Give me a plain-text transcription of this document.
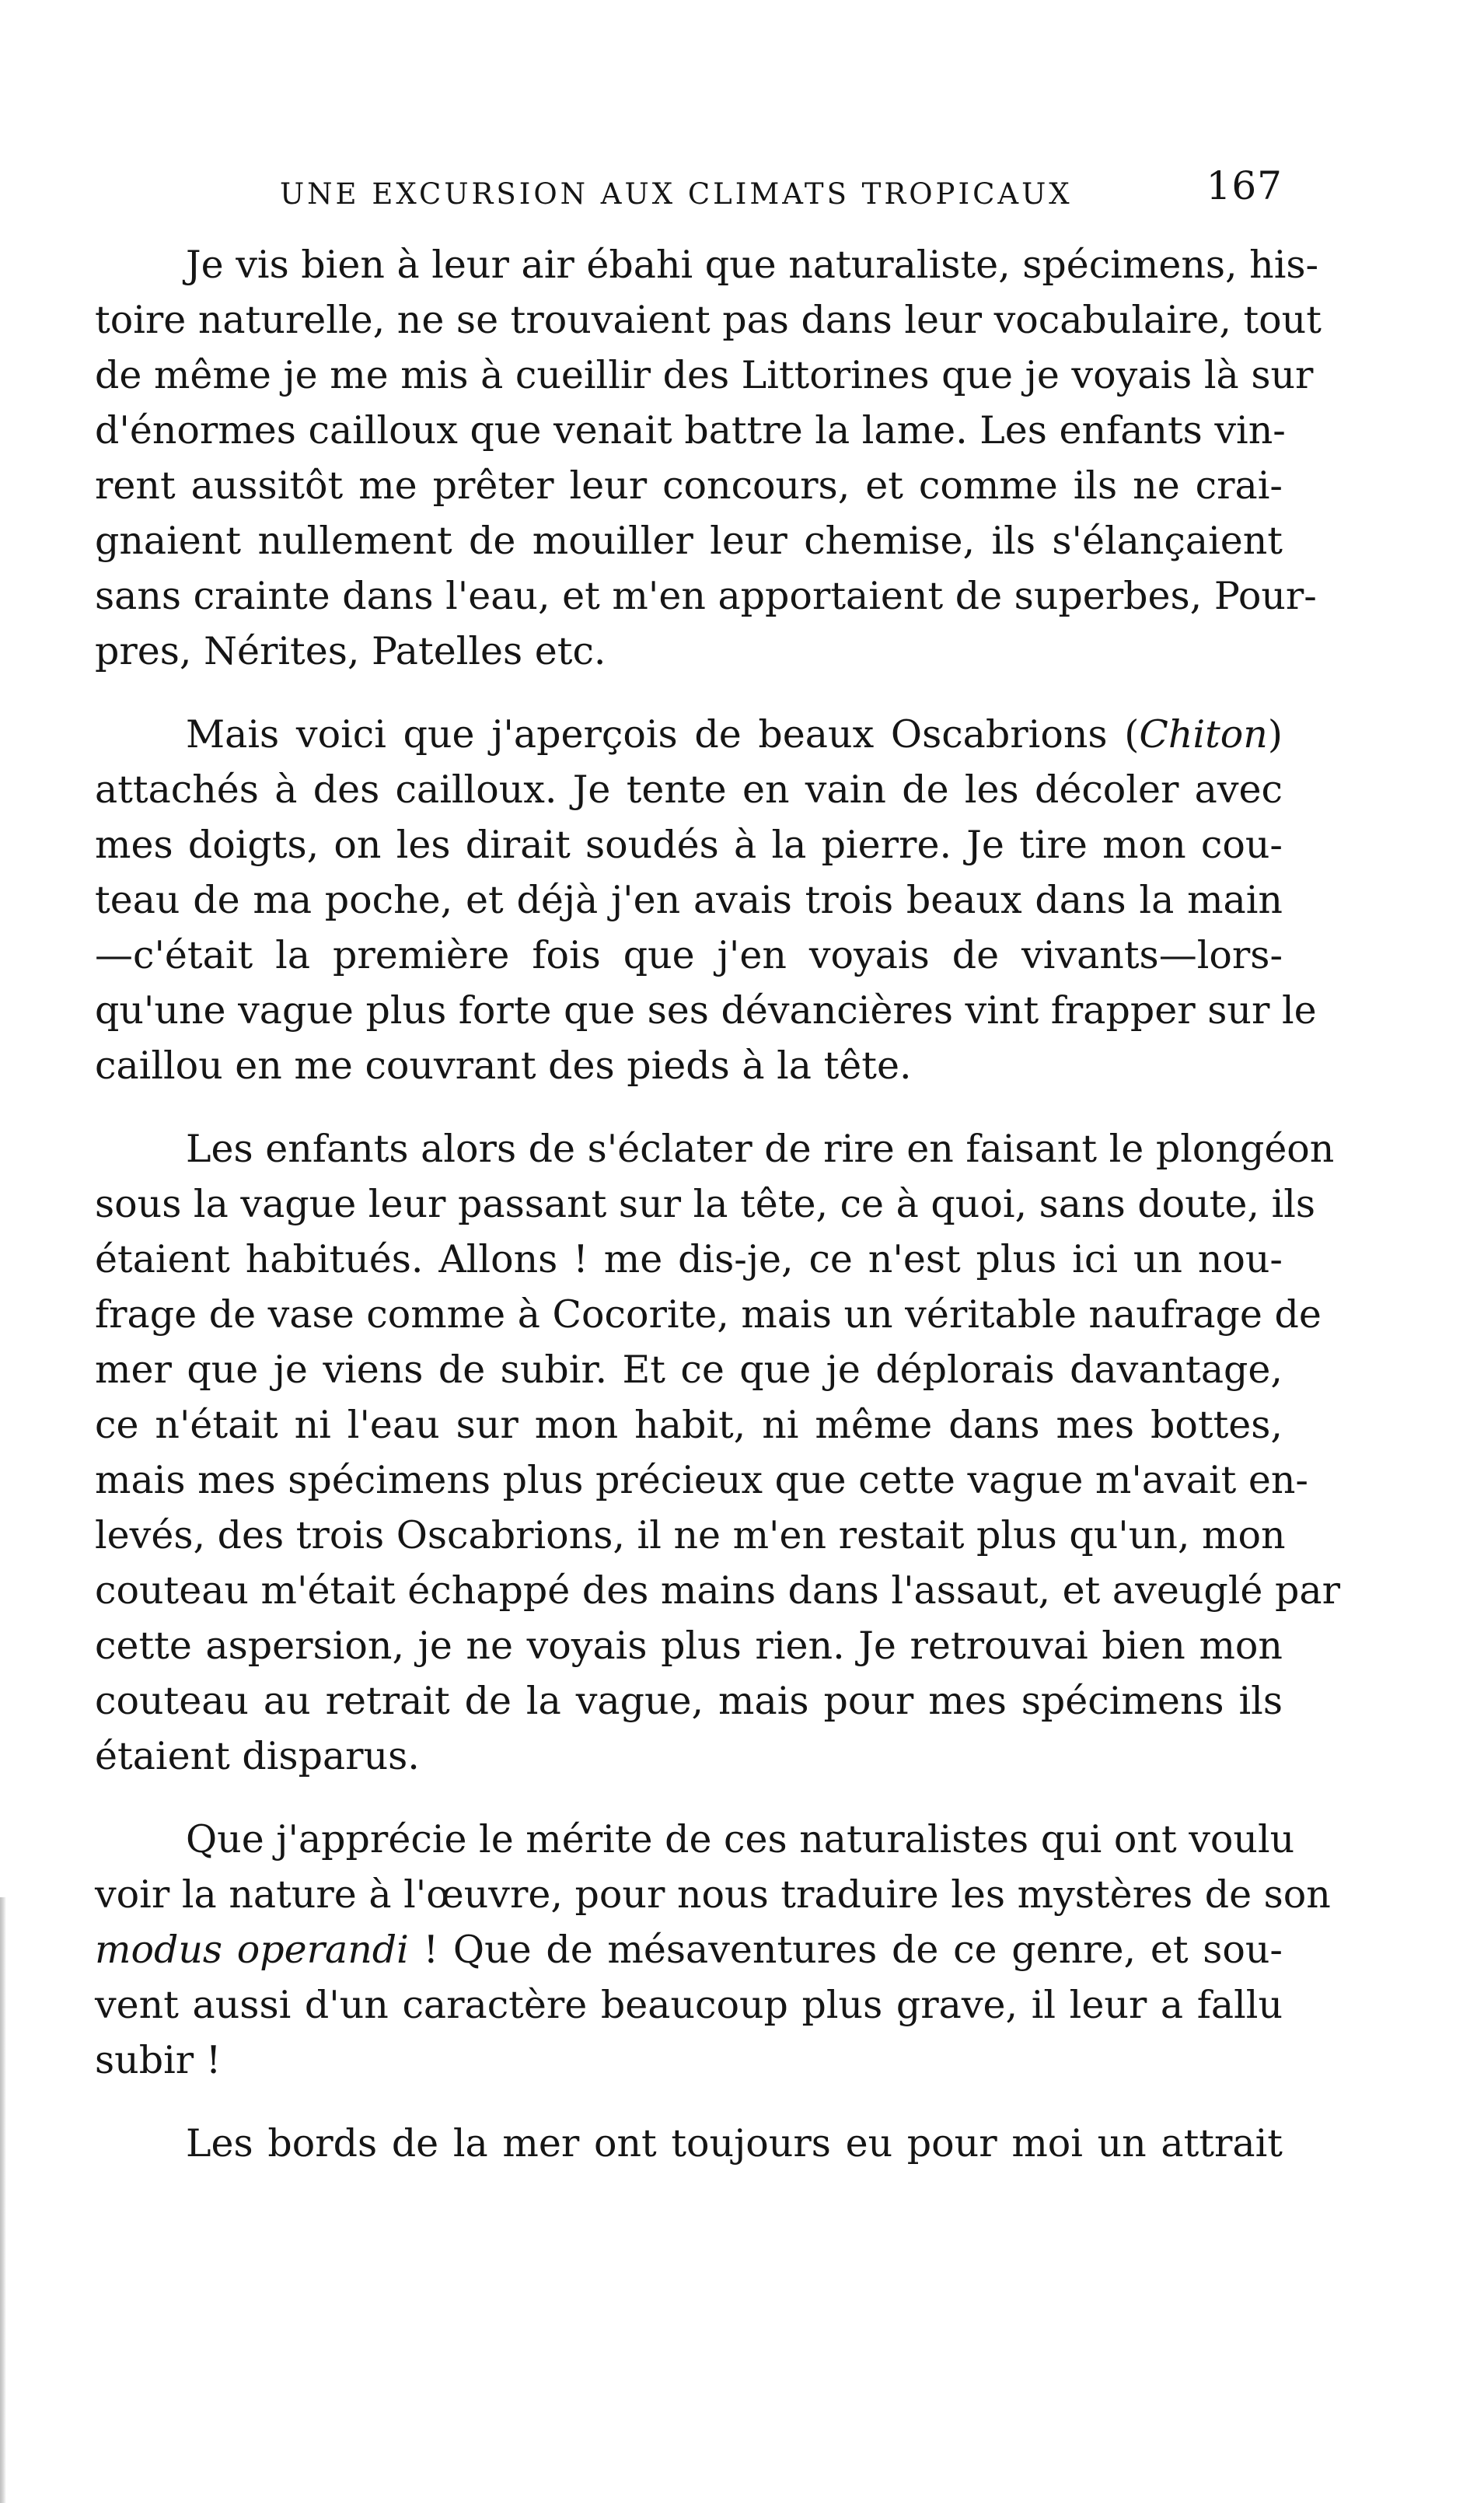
UNE EXCURSION AUX CLIMATS TROPICAUX	167

Je vis bien à leur air ébahi que naturaliste, spécimens, his-
toire naturelle, ne se trouvaient pas dans leur vocabulaire, tout
de même je me mis à cueillir des Littorines que je voyais là sur
d'énormes cailloux que venait battre la lame. Les enfants vin-
rent aussitôt me prêter leur concours, et comme ils ne crai-
gnaient nullement de mouiller leur chemise, ils s'élançaient
sans crainte dans l'eau, et m'en apportaient de superbes, Pour-
pres, Nérites, Patelles etc.

Mais voici que j'aperçois de beaux Oscabrions (Chiton)
attachés à des cailloux. Je tente en vain de les décoler avec
mes doigts, on les dirait soudés à la pierre. Je tire mon cou-
teau de ma poche, et déjà j'en avais trois beaux dans la main
—c'était la première fois que j'en voyais de vivants—lors-
qu'une vague plus forte que ses dévancières vint frapper sur le
caillou en me couvrant des pieds à la tête.

Les enfants alors de s'éclater de rire en faisant le plongéon
sous la vague leur passant sur la tête, ce à quoi, sans doute, ils
étaient habitués. Allons ! me dis-je, ce n'est plus ici un nou-
frage de vase comme à Cocorite, mais un véritable naufrage de
mer que je viens de subir. Et ce que je déplorais davantage,
ce n'était ni l'eau sur mon habit, ni même dans mes bottes,
mais mes spécimens plus précieux que cette vague m'avait en-
levés, des trois Oscabrions, il ne m'en restait plus qu'un, mon
couteau m'était échappé des mains dans l'assaut, et aveuglé par
cette aspersion, je ne voyais plus rien. Je retrouvai bien mon
couteau au retrait de la vague, mais pour mes spécimens ils
étaient disparus.

Que j'apprécie le mérite de ces naturalistes qui ont voulu
voir la nature à l'œuvre, pour nous traduire les mystères de son
modus operandi ! Que de mésaventures de ce genre, et sou-
vent aussi d'un caractère beaucoup plus grave, il leur a fallu
subir !

Les bords de la mer ont toujours eu pour moi un attrait
